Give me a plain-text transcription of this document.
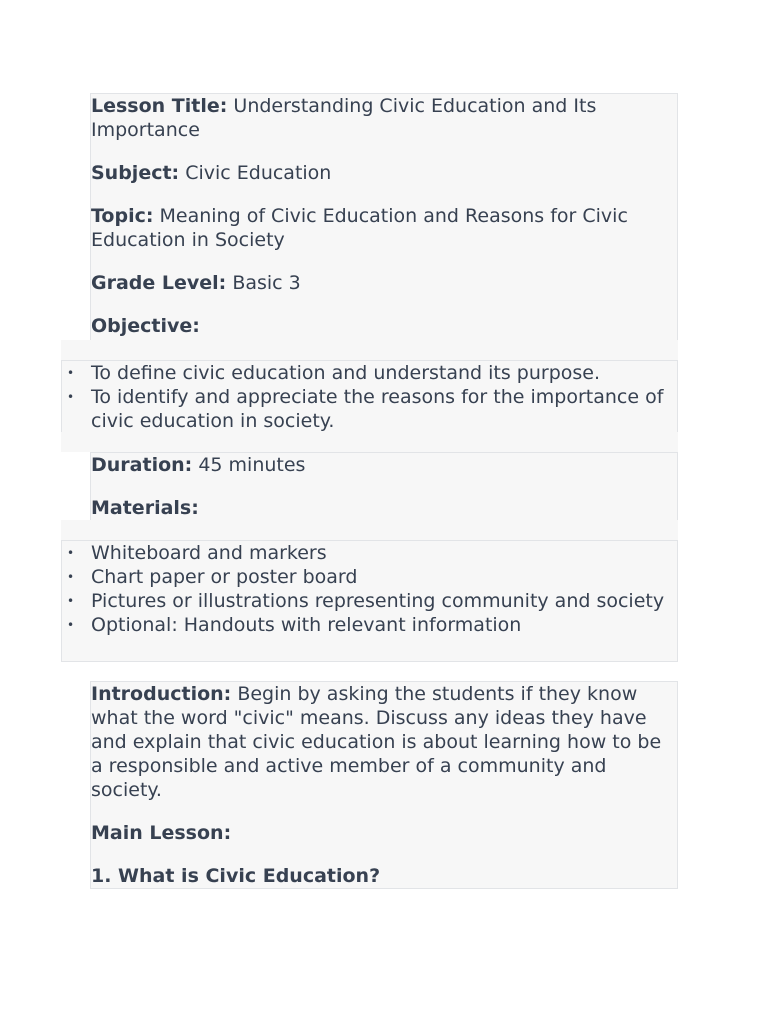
Lesson Title: Understanding Civic Education and Its Importance

Subject: Civic Education

Topic: Meaning of Civic Education and Reasons for Civic Education in Society

Grade Level: Basic 3

Objective:

• To define civic education and understand its purpose.
• To identify and appreciate the reasons for the importance of civic education in society.

Duration: 45 minutes

Materials:

• Whiteboard and markers
• Chart paper or poster board
• Pictures or illustrations representing community and society
• Optional: Handouts with relevant information

Introduction: Begin by asking the students if they know what the word "civic" means. Discuss any ideas they have and explain that civic education is about learning how to be a responsible and active member of a community and society.

Main Lesson:

1. What is Civic Education?
